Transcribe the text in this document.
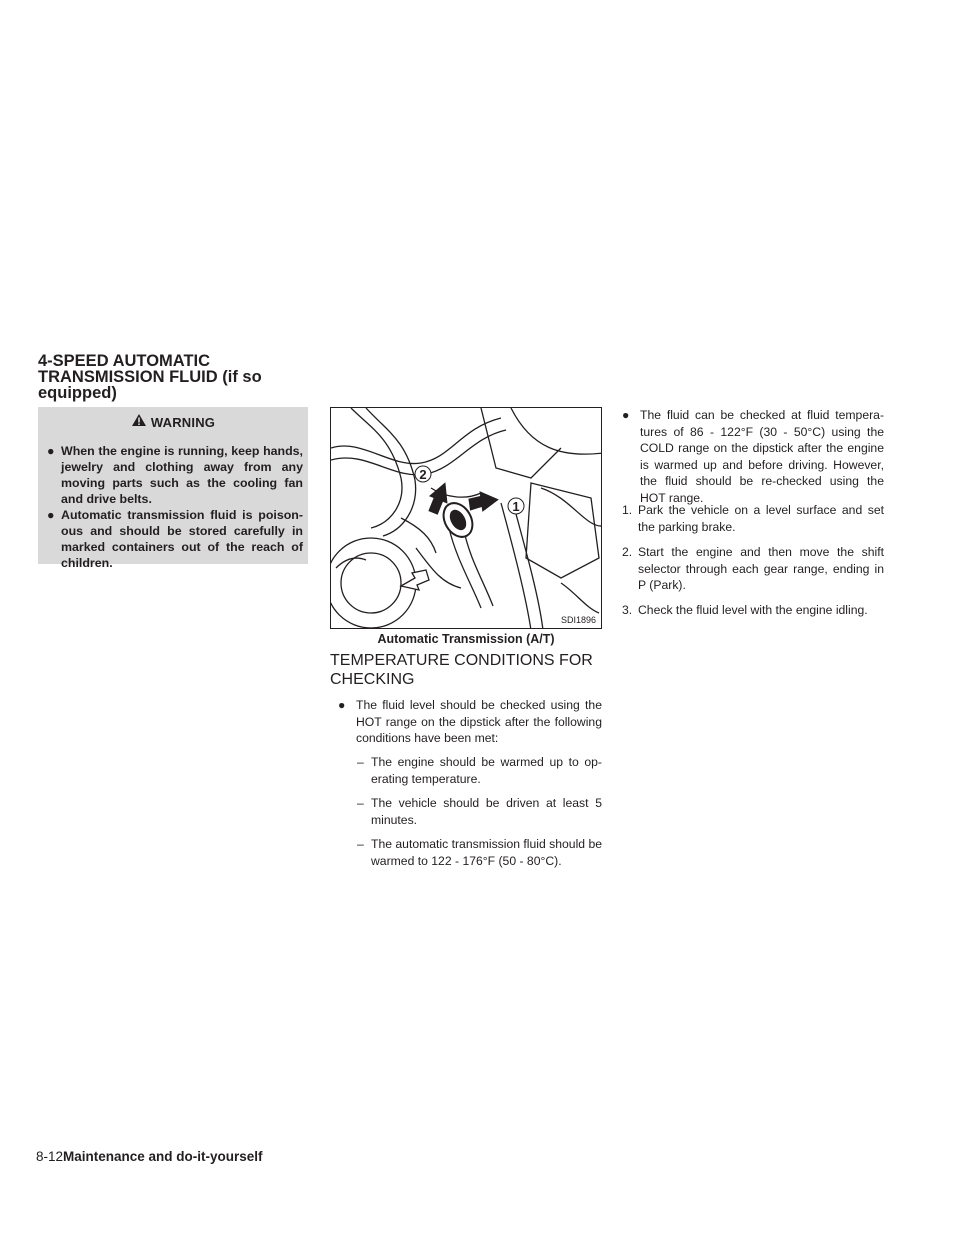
4-SPEED AUTOMATIC
TRANSMISSION FLUID (if so
equipped)
WARNING
● When the engine is running, keep hands, jewelry and clothing away from any moving parts such as the cooling fan and drive belts.
● Automatic transmission fluid is poison-ous and should be stored carefully in marked containers out of the reach of children.
2
1
SDI1896
Automatic Transmission (A/T)
TEMPERATURE CONDITIONS FOR CHECKING
● The fluid level should be checked using the HOT range on the dipstick after the following conditions have been met:
– The engine should be warmed up to op-erating temperature.
– The vehicle should be driven at least 5 minutes.
– The automatic transmission fluid should be warmed to 122 - 176°F (50 - 80°C).
● The fluid can be checked at fluid tempera-tures of 86 - 122°F (30 - 50°C) using the COLD range on the dipstick after the engine is warmed up and before driving. However, the fluid should be re-checked using the HOT range.
1. Park the vehicle on a level surface and set the parking brake.
2. Start the engine and then move the shift selector through each gear range, ending in P (Park).
3. Check the fluid level with the engine idling.
8-12Maintenance and do-it-yourself
